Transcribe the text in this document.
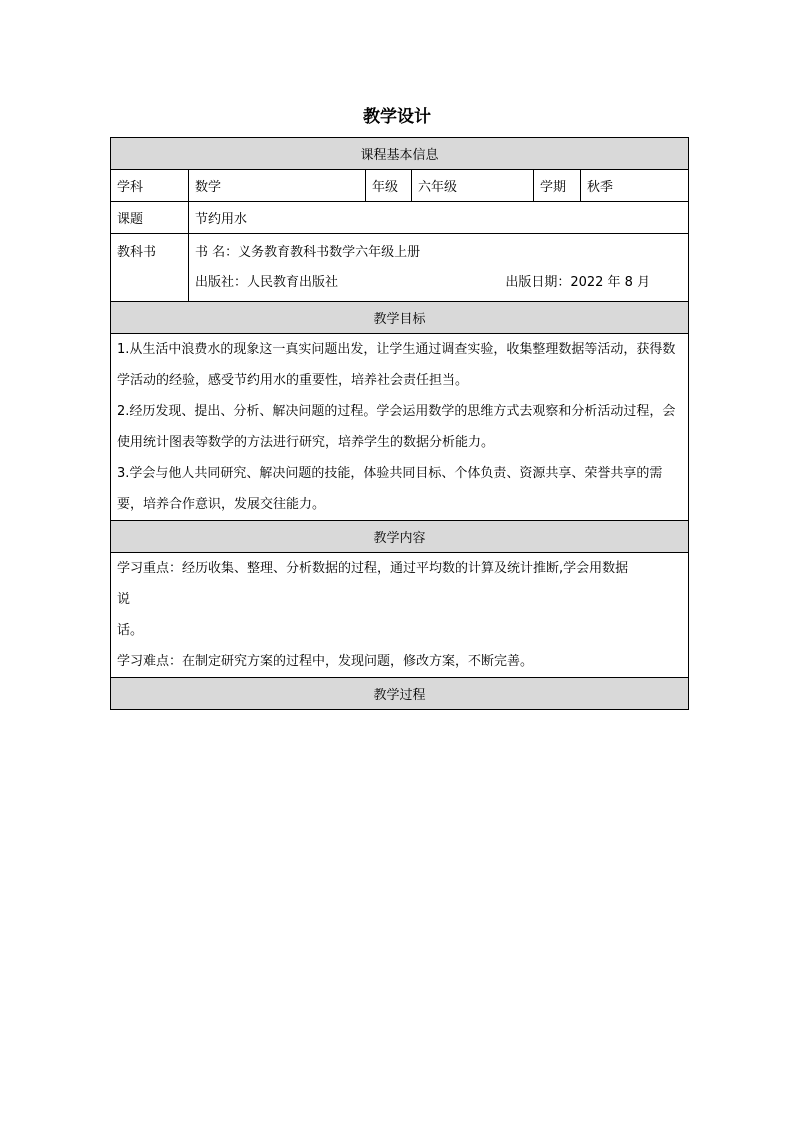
教学设计
课程基本信息					
学科	数学	年级	六年级	学期	秋季
课题	节约用水				
教科书	书 名：义务教育教科书数学六年级上册
出版社：人民教育出版社 出版日期：2022 年 8 月				

教学目标					

1.从生活中浪费水的现象这一真实问题出发，让学生通过调查实验，收集整理数据等活动，获得数学活动的经验，感受节约用水的重要性，培养社会责任担当。

2.经历发现、提出、分析、解决问题的过程。学会运用数学的思维方式去观察和分析活动过程，会使用统计图表等数学的方法进行研究，培养学生的数据分析能力。

3.学会与他人共同研究、解决问题的技能，体验共同目标、个体负责、资源共享、荣誉共享的需要，培养合作意识，发展交往能力。					

教学内容					

学习重点：经历收集、整理、分析数据的过程，通过平均数的计算及统计推断,学会用数据

说

话。

学习难点：在制定研究方案的过程中，发现问题，修改方案，不断完善。					

教学过程					
